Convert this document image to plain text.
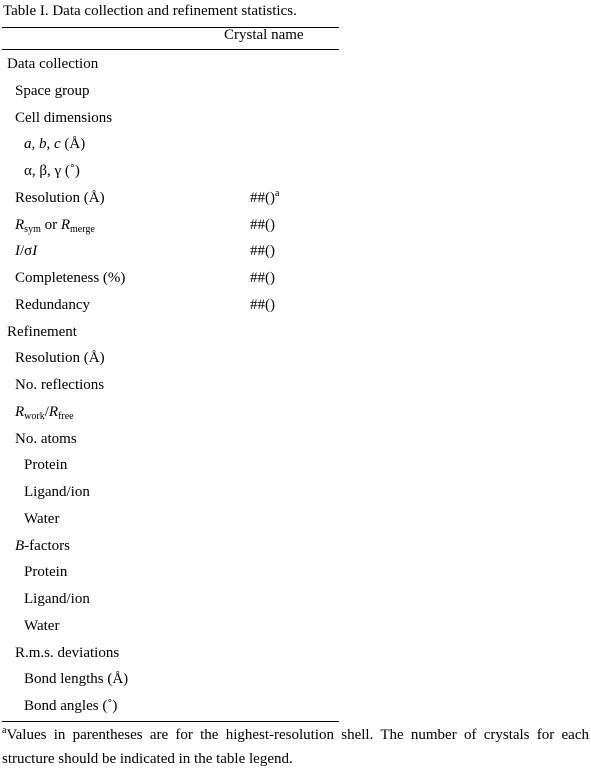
Table I. Data collection and refinement statistics.
Crystal name
Data collection
Space group
Cell dimensions
a, b, c (Å)
α, β, γ (˚)
Resolution (Å)	##()$^a$
$R_{sym}$ or $R_{merge}$	##()
I/σI	##()
Completeness (%)	##()
Redundancy	##()
Refinement
Resolution (Å)
No. reflections
$R_{work}/R_{free}$
No. atoms
Protein
Ligand/ion
Water
B-factors
Protein
Ligand/ion
Water
R.m.s. deviations
Bond lengths (Å)
Bond angles (˚)
$^a$Values in parentheses are for the highest-resolution shell. The number of crystals for each
structure should be indicated in the table legend.
